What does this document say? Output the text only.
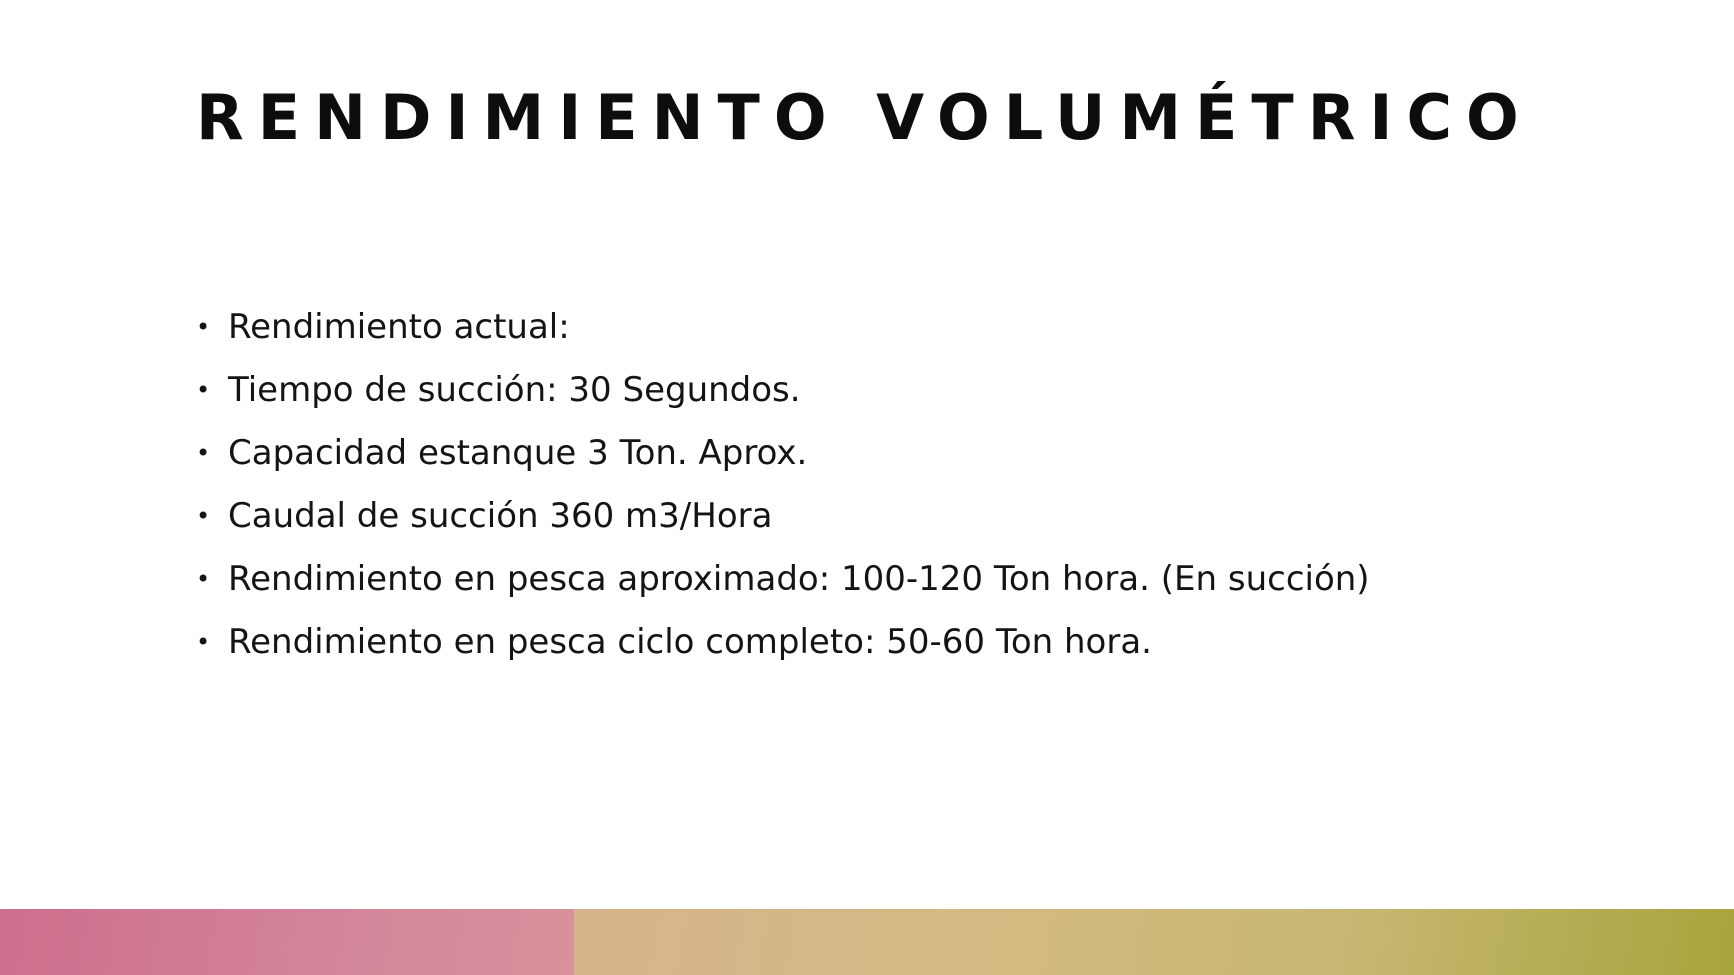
RENDIMIENTO VOLUMÉTRICO
• Rendimiento actual:
• Tiempo de succión: 30 Segundos.
• Capacidad estanque 3 Ton. Aprox.
• Caudal de succión 360 m3/Hora
• Rendimiento en pesca aproximado: 100-120 Ton hora. (En succión)
• Rendimiento en pesca ciclo completo: 50-60 Ton hora.
